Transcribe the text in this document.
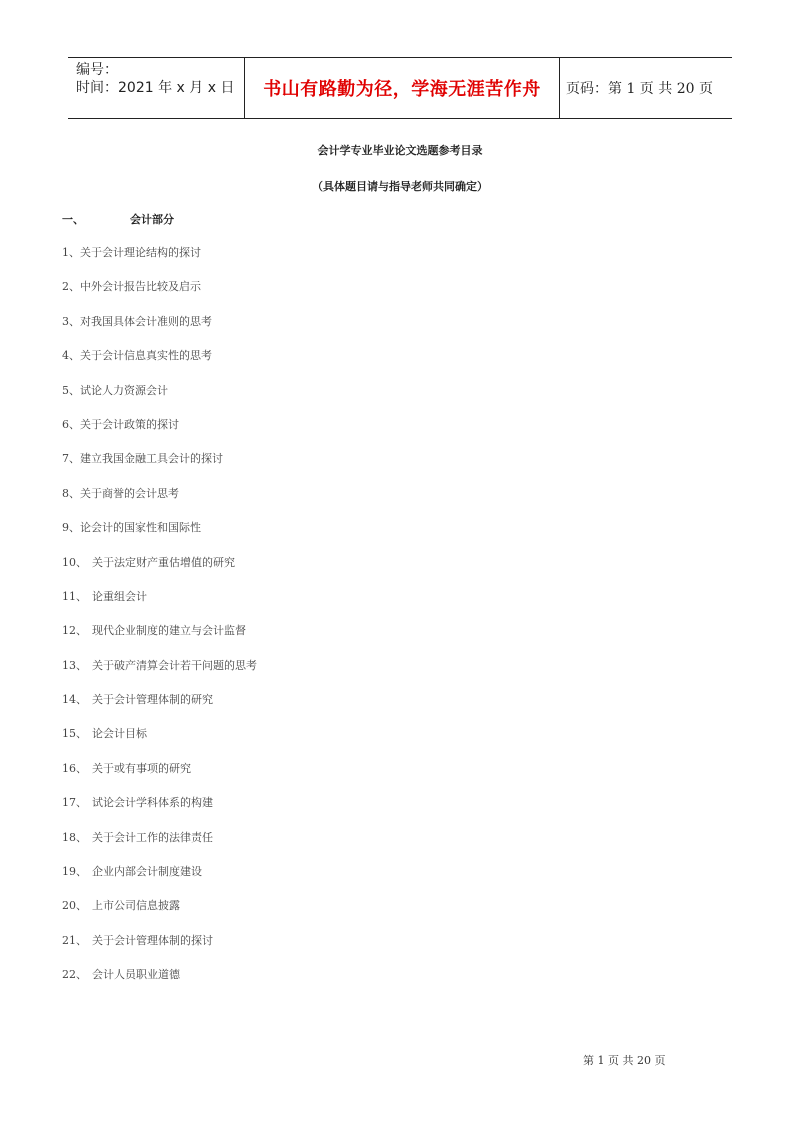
编号：
时间：2021 年 x 月 x 日	书山有路勤为径，学海无涯苦作舟	页码：第 1 页 共 20 页
会计学专业毕业论文选题参考目录
（具体题目请与指导老师共同确定）
一、	会计部分
1、关于会计理论结构的探讨
2、中外会计报告比较及启示
3、对我国具体会计准则的思考
4、关于会计信息真实性的思考
5、试论人力资源会计
6、关于会计政策的探讨
7、建立我国金融工具会计的探讨
8、关于商誉的会计思考
9、论会计的国家性和国际性
10、 关于法定财产重估增值的研究
11、 论重组会计
12、 现代企业制度的建立与会计监督
13、 关于破产清算会计若干问题的思考
14、 关于会计管理体制的研究
15、 论会计目标
16、 关于或有事项的研究
17、 试论会计学科体系的构建
18、 关于会计工作的法律责任
19、 企业内部会计制度建设
20、 上市公司信息披露
21、 关于会计管理体制的探讨
22、 会计人员职业道德
第 1 页 共 20 页
